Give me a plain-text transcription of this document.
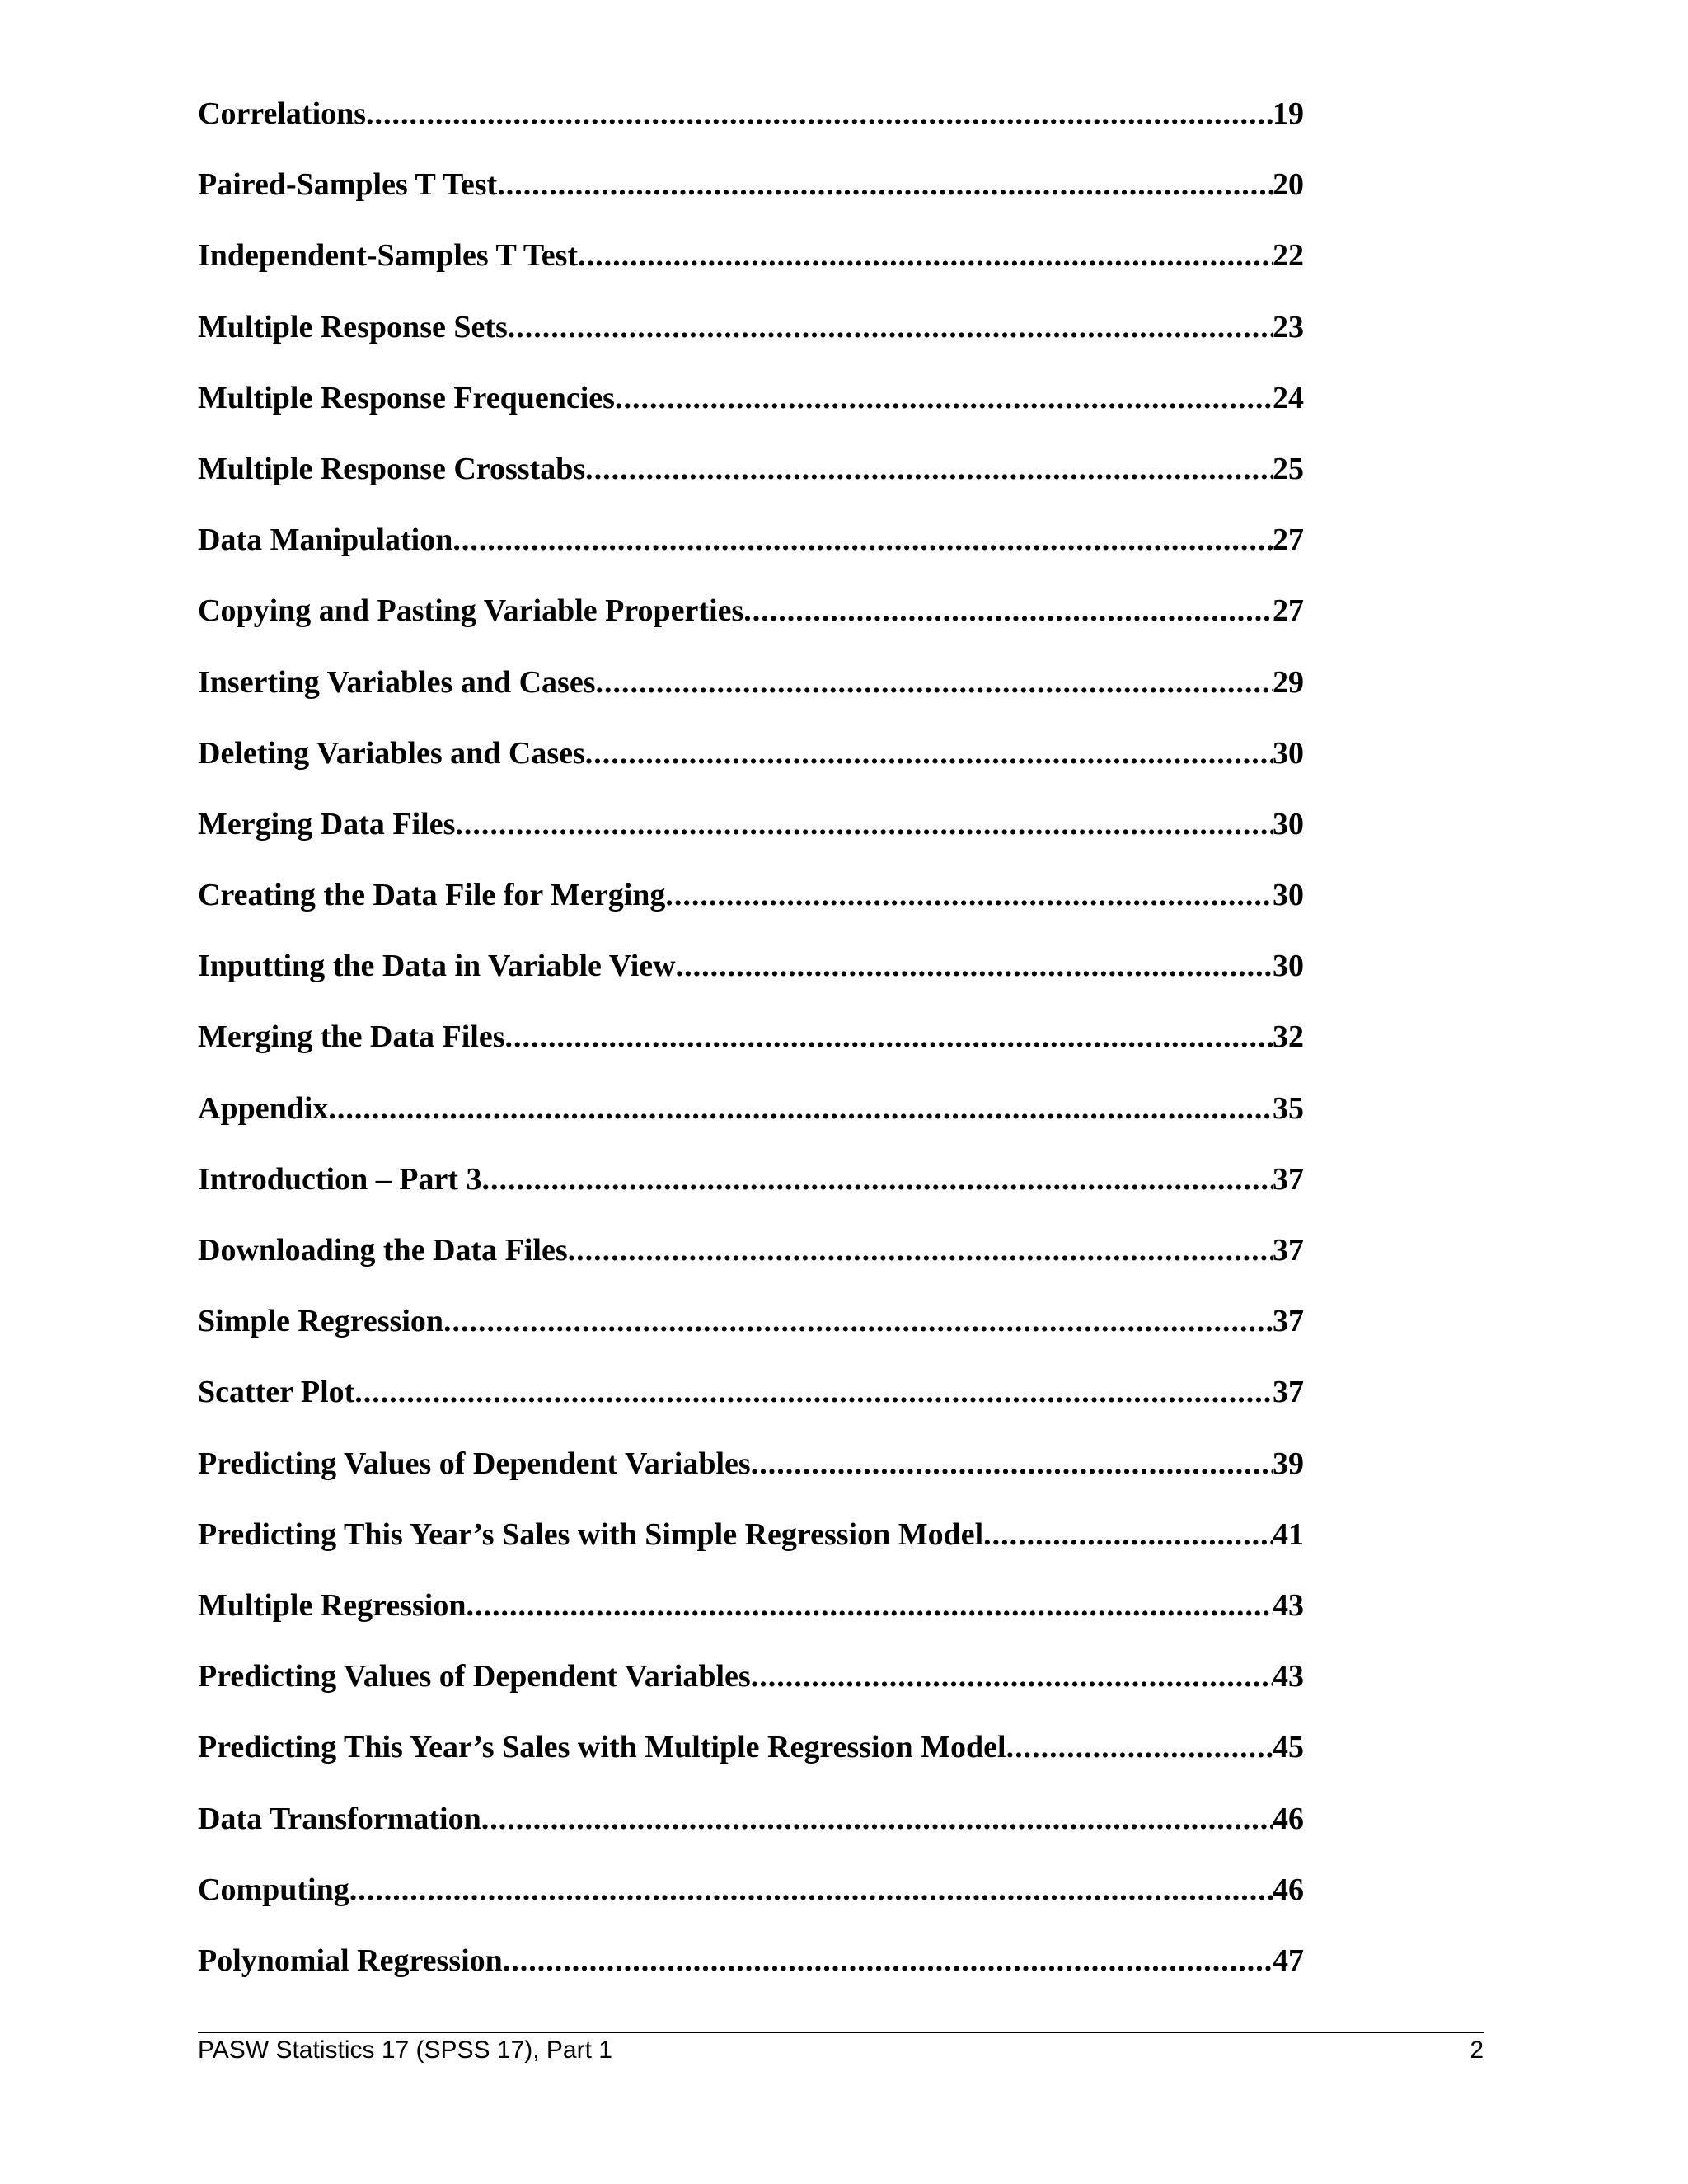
Correlations .....	19
Paired-Samples T Test .....	20
Independent-Samples T Test .....	22
Multiple Response Sets .....	23
Multiple Response Frequencies .....	24
Multiple Response Crosstabs .....	25
Data Manipulation .....	27
Copying and Pasting Variable Properties .....	27
Inserting Variables and Cases .....	29
Deleting Variables and Cases .....	30
Merging Data Files .....	30
Creating the Data File for Merging .....	30
Inputting the Data in Variable View .....	30
Merging the Data Files .....	32
Appendix .....	35
Introduction – Part 3 .....	37
Downloading the Data Files .....	37
Simple Regression .....	37
Scatter Plot .....	37
Predicting Values of Dependent Variables .....	39
Predicting This Year’s Sales with Simple Regression Model .....	41
Multiple Regression .....	43
Predicting Values of Dependent Variables .....	43
Predicting This Year’s Sales with Multiple Regression Model .....	45
Data Transformation .....	46
Computing .....	46
Polynomial Regression .....	47
PASW Statistics 17 (SPSS 17), Part 1	2
